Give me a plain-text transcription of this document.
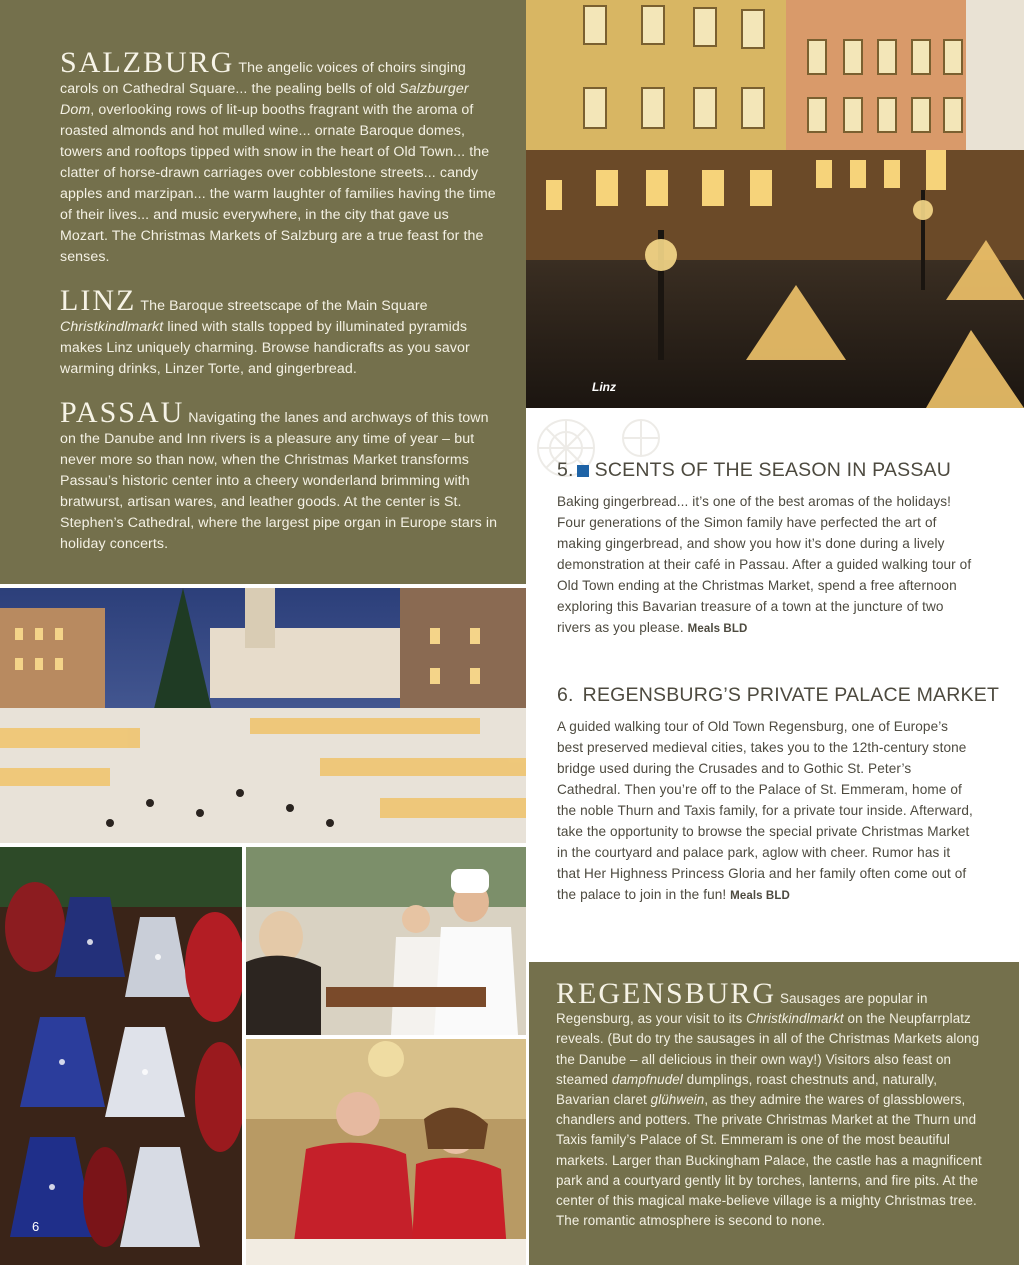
SALZBURG The angelic voices of choirs singing carols on Cathedral Square... the pealing bells of old Salzburger Dom, overlooking rows of lit-up booths fragrant with the aroma of roasted almonds and hot mulled wine... ornate Baroque domes, towers and rooftops tipped with snow in the heart of Old Town... the clatter of horse-drawn carriages over cobblestone streets... candy apples and marzipan... the warm laughter of families having the time of their lives... and music everywhere, in the city that gave us Mozart. The Christmas Markets of Salzburg are a true feast for the senses.

LINZ The Baroque streetscape of the Main Square Christkindlmarkt lined with stalls topped by illuminated pyramids makes Linz uniquely charming. Browse handicrafts as you savor warming drinks, Linzer Torte, and gingerbread.

PASSAU Navigating the lanes and archways of this town on the Danube and Inn rivers is a pleasure any time of year – but never more so than now, when the Christmas Market transforms Passau’s historic center into a cheery wonderland brimming with bratwurst, artisan wares, and leather goods. At the center is St. Stephen’s Cathedral, where the largest pipe organ in Europe stars in holiday concerts.

Linz
5. SCENTS OF THE SEASON IN PASSAU

Baking gingerbread... it’s one of the best aromas of the holidays! Four generations of the Simon family have perfected the art of making gingerbread, and show you how it’s done during a lively demonstration at their café in Passau. After a guided walking tour of Old Town ending at the Christmas Market, spend a free afternoon exploring this Bavarian treasure of a town at the juncture of two rivers as you please. Meals BLD

6. REGENSBURG’S PRIVATE PALACE MARKET

A guided walking tour of Old Town Regensburg, one of Europe’s best preserved medieval cities, takes you to the 12th-century stone bridge used during the Crusades and to Gothic St. Peter’s Cathedral. Then you’re off to the Palace of St. Emmeram, home of the noble Thurn and Taxis family, for a private tour inside. Afterward, take the opportunity to browse the special private Christmas Market in the courtyard and palace park, aglow with cheer. Rumor has it that Her Highness Princess Gloria and her family often come out of the palace to join in the fun! Meals BLD

6

REGENSBURG Sausages are popular in Regensburg, as your visit to its Christkindlmarkt on the Neupfarrplatz reveals. (But do try the sausages in all of the Christmas Markets along the Danube – all delicious in their own way!) Visitors also feast on steamed dampfnudel dumplings, roast chestnuts and, naturally, Bavarian claret glühwein, as they admire the wares of glassblowers, chandlers and potters. The private Christmas Market at the Thurn und Taxis family’s Palace of St. Emmeram is one of the most beautiful markets. Larger than Buckingham Palace, the castle has a magnificent park and a courtyard gently lit by torches, lanterns, and fire pits. At the center of this magical make-believe village is a mighty Christmas tree. The romantic atmosphere is second to none.
